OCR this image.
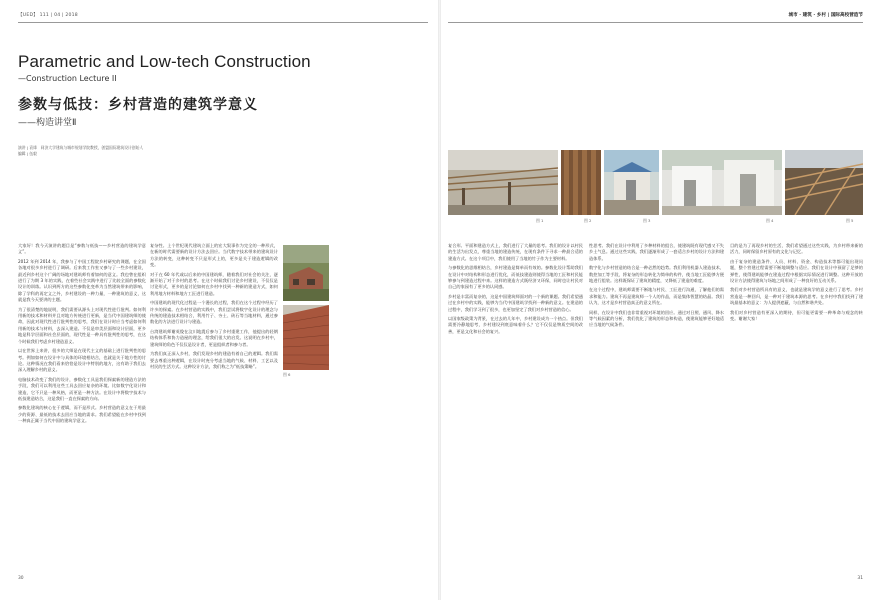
【UED】 111 | 04 | 2018
Parametric and Low-tech Construction
—Construction Lecture II
参数与低技：乡村营造的建筑学意义
——构造讲堂Ⅱ
演讲 | 袁烽　同济大学建筑与城市规划学院教授，创盟国际建筑设计创始人
编辑 | 伍毅

大家好！我今天演讲的题目是“参数与低技——乡村营造的建筑学意义”。

2012 年到 2014 年，我参与了中国工程院乡村研究的课题，在全国各地对很多乡村进行了调研。后来我工作室又参与了一些乡村建设，最近到乡村这个广阔的场地对建筑师有着如何的意义。我也曾在组织进行了为期 3 年的实践，在着些社会实践中进行了比较全面的参数化设计的训练。认识到两方的这些参数化变革为当然建筑带来的影响，除了学科的再定义之外，乡村建设的一种力量，一种建筑的意义，这就是我今天要讲的主题。

为了很清楚的地说明，我们需要从源头上对现代性进行批判。如何利用新的技术和材料并且对地方传统进行更新，是当代中国建筑师的使命，因此对现代性进行批判性的思考，我们在设计时应当考虑如何利用新的技术与材料，去深入建造。不仅是审美层面和设计层面，更多地是科学层面和社会层面的，现代性是一种具有批判性的思考，在这个时候我们考虑乡村建造意义。

以在世界上来讲，很多的大师是在现代主义的基础上进行批判性的思考。例如如何在设计中与具体的环境相结合，也就是关于地方性的讨论。这种情况在我们看来恰恰是设计中特别的地方，这有助于我们去深入理解乡村的意义。

电脑技术改变了我们的设计，参数化工具是我们探索新的建造方法的手段，我们可以利用这些工具去回应复杂的环境。比如数字化设计和建造，它不只是一种风格，而更是一种方法。在设计中将数字技术与低技建造结合，这是我们一直在探索的方向。

参数化建筑的核心在于逻辑，而不是形式。乡村营造的意义在于用最少的资源、最低的技术去回应当地的需求。我们希望能在乡村中找到一种真正属于当代中国的建筑学意义。

复杂性。上个世纪现代建筑立面上的宏大叙事作为完全的一种形式，在新的时代需要新的设计方法去回应。当代数字技术带来的建筑设计方法的转变，这种转变不只是形式上的，更多是关于建造逻辑的改变。

对于在 60 年代或以后来的中国建筑师，随着我们对社会的关注，逐渐开始了对于乡村的思考。在这个时候我们讨论乡村建设，不仅仅是讨论形式，更多的是讨论如何在乡村中找到一种新的建造方式，如何利用地方材料和地方工匠进行建造。

中国建筑的现代化过程是一个漫长的过程，我们在这个过程中经历了许多的探索。在乡村营造的实践中，我们尝试将数字化设计的理念与传统的建造技术相结合，利用竹子、夯土、砖石等当地材料，通过参数化的方法进行设计与建造。

台湾建筑师谢英俊在汶川地震后参与了乡村重建工作，他提出的轻钢结构体系和协力造屋的理念，给我们很大的启发。这说明在乡村中，建筑师的角色不仅仅是设计者，更是组织者和参与者。

为我们真正深入乡村，我们发现乡村的建造有着自己的逻辑。我们需要去尊重这种逻辑，在设计时充分考虑当地的气候、材料、工艺以及村民的生活方式。这种设计方法，我们称之为“低技策略”。

图 6
30
城市 · 建筑 · 乡村 | 国际高校营造节
图 1	图 2	图 3	图 4	图 5

复合形。平面和建造方式上，我们进行了大量的思考。我们的设计以村民的生活为出发点，尊重当地的建造传统，在现有条件下寻求一种最合适的建造方式。在这个项目中，我们使用了当地的竹子作为主要材料。

与参数化的思维相结合，乡村建造是简单而有效的。参数化设计帮助我们在设计中对结构和形态进行优化，而低技建造则使得当地的工匠和村民能够参与到建造过程中来。这样的建造方式既经济又环保，同时也让村民对自己的家园有了更多的认同感。

乡村是丰富而复杂的，这是中国建筑师面对的一个新的课题。我们希望通过在乡村中的实践，能够为当代中国建筑学找到一种新的意义。在建造的过程中，我们学习到了很多，也更加坚定了我们对乡村营造的信心。

以国家级政策为背景，在过去的几年中，乡村建设成为一个热点。但我们需要冷静地思考，乡村建设到底意味着什么？它不仅仅是物质空间的改善，更是文化和社会的复兴。

性思考。我们在设计中利用了多种材料的组合，使建筑既有现代感又不失乡土气息。通过这些实践，我们逐渐形成了一套适合乡村的设计方法和建造体系。

数字化与乡村营造的结合是一种必然的趋势。我们利用机器人建造技术、数控加工等手段，将复杂的形态转化为简单的构件，使当地工匠能够方便地进行组装。这样既保证了建筑的精度，又降低了建造的难度。

在这个过程中，建筑师需要不断地与村民、工匠进行沟通，了解他们的需求和能力。建筑不再是建筑师一个人的作品，而是集体智慧的结晶。我们认为，这才是乡村营造真正的意义所在。

同样，在设计中我们也非常重视对环境的回应。通过对日照、通风、降水等气候因素的分析，我们优化了建筑的形态和构造，使建筑能够更好地适应当地的气候条件。

目的是为了再现乡村的生活，我们希望通过这些实践，为乡村带来新的活力，同时保留乡村原有的文化与记忆。

由于复杂的建造条件、人员、材料、资金、构造技术等都可能出现问题，整个营建过程需要不断地调整与适应。我们在设计中预留了足够的弹性，使得建筑能够在建造过程中根据实际情况进行调整。这种开放的设计方法使得建筑与场地之间形成了一种良好的互动关系。

我们对乡村营造所具有的意义，也就是建筑学的意义进行了思考。乡村营造是一种回归，是一种对于建筑本源的思考。在乡村中我们找到了建筑最基本的意义：为人提供遮蔽，与自然和谐共处。

我们对乡村营造有更深入的期待，但可能更需要一种革命与观念的转变。谢谢大家！

31
